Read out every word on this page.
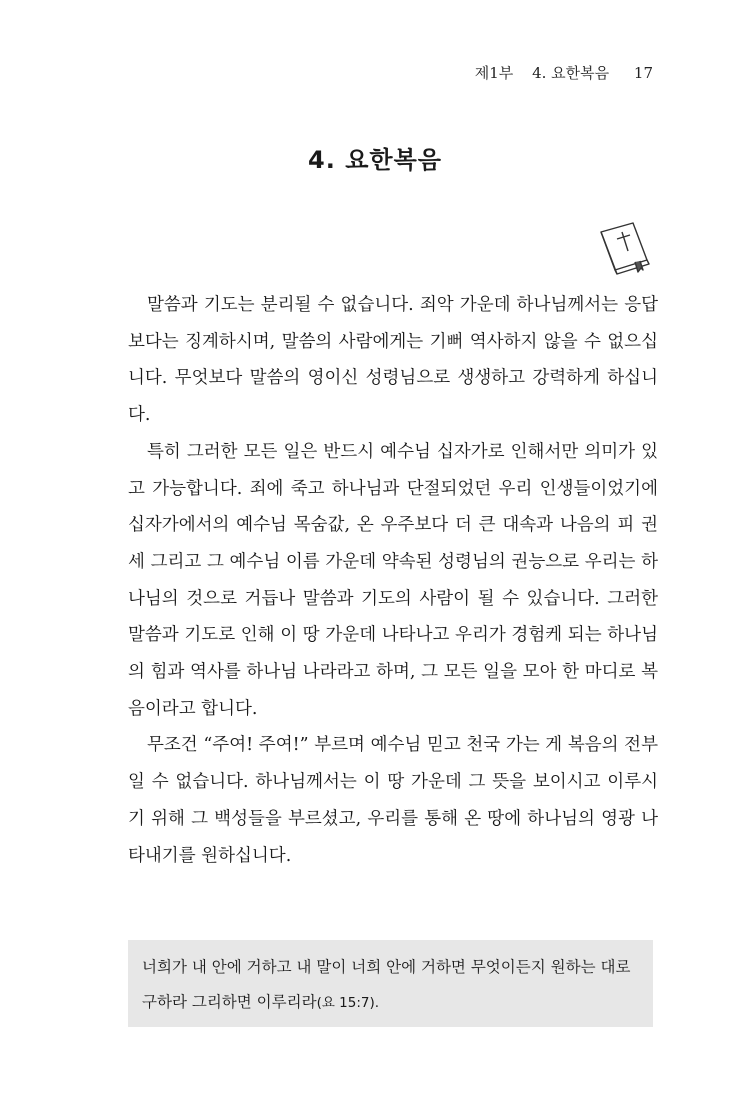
제1부 4. 요한복음 17
4. 요한복음

말씀과 기도는 분리될 수 없습니다. 죄악 가운데 하나님께서는 응답보다는 징계하시며, 말씀의 사람에게는 기뻐 역사하지 않을 수 없으십니다. 무엇보다 말씀의 영이신 성령님으로 생생하고 강력하게 하십니다.

특히 그러한 모든 일은 반드시 예수님 십자가로 인해서만 의미가 있고 가능합니다. 죄에 죽고 하나님과 단절되었던 우리 인생들이었기에 십자가에서의 예수님 목숨값, 온 우주보다 더 큰 대속과 나음의 피 권세 그리고 그 예수님 이름 가운데 약속된 성령님의 권능으로 우리는 하나님의 것으로 거듭나 말씀과 기도의 사람이 될 수 있습니다. 그러한 말씀과 기도로 인해 이 땅 가운데 나타나고 우리가 경험케 되는 하나님의 힘과 역사를 하나님 나라라고 하며, 그 모든 일을 모아 한 마디로 복음이라고 합니다.

무조건 “주여! 주여!” 부르며 예수님 믿고 천국 가는 게 복음의 전부일 수 없습니다. 하나님께서는 이 땅 가운데 그 뜻을 보이시고 이루시기 위해 그 백성들을 부르셨고, 우리를 통해 온 땅에 하나님의 영광 나타내기를 원하십니다.

너희가 내 안에 거하고 내 말이 너희 안에 거하면 무엇이든지 원하는 대로 구하라 그리하면 이루리라(요 15:7).
